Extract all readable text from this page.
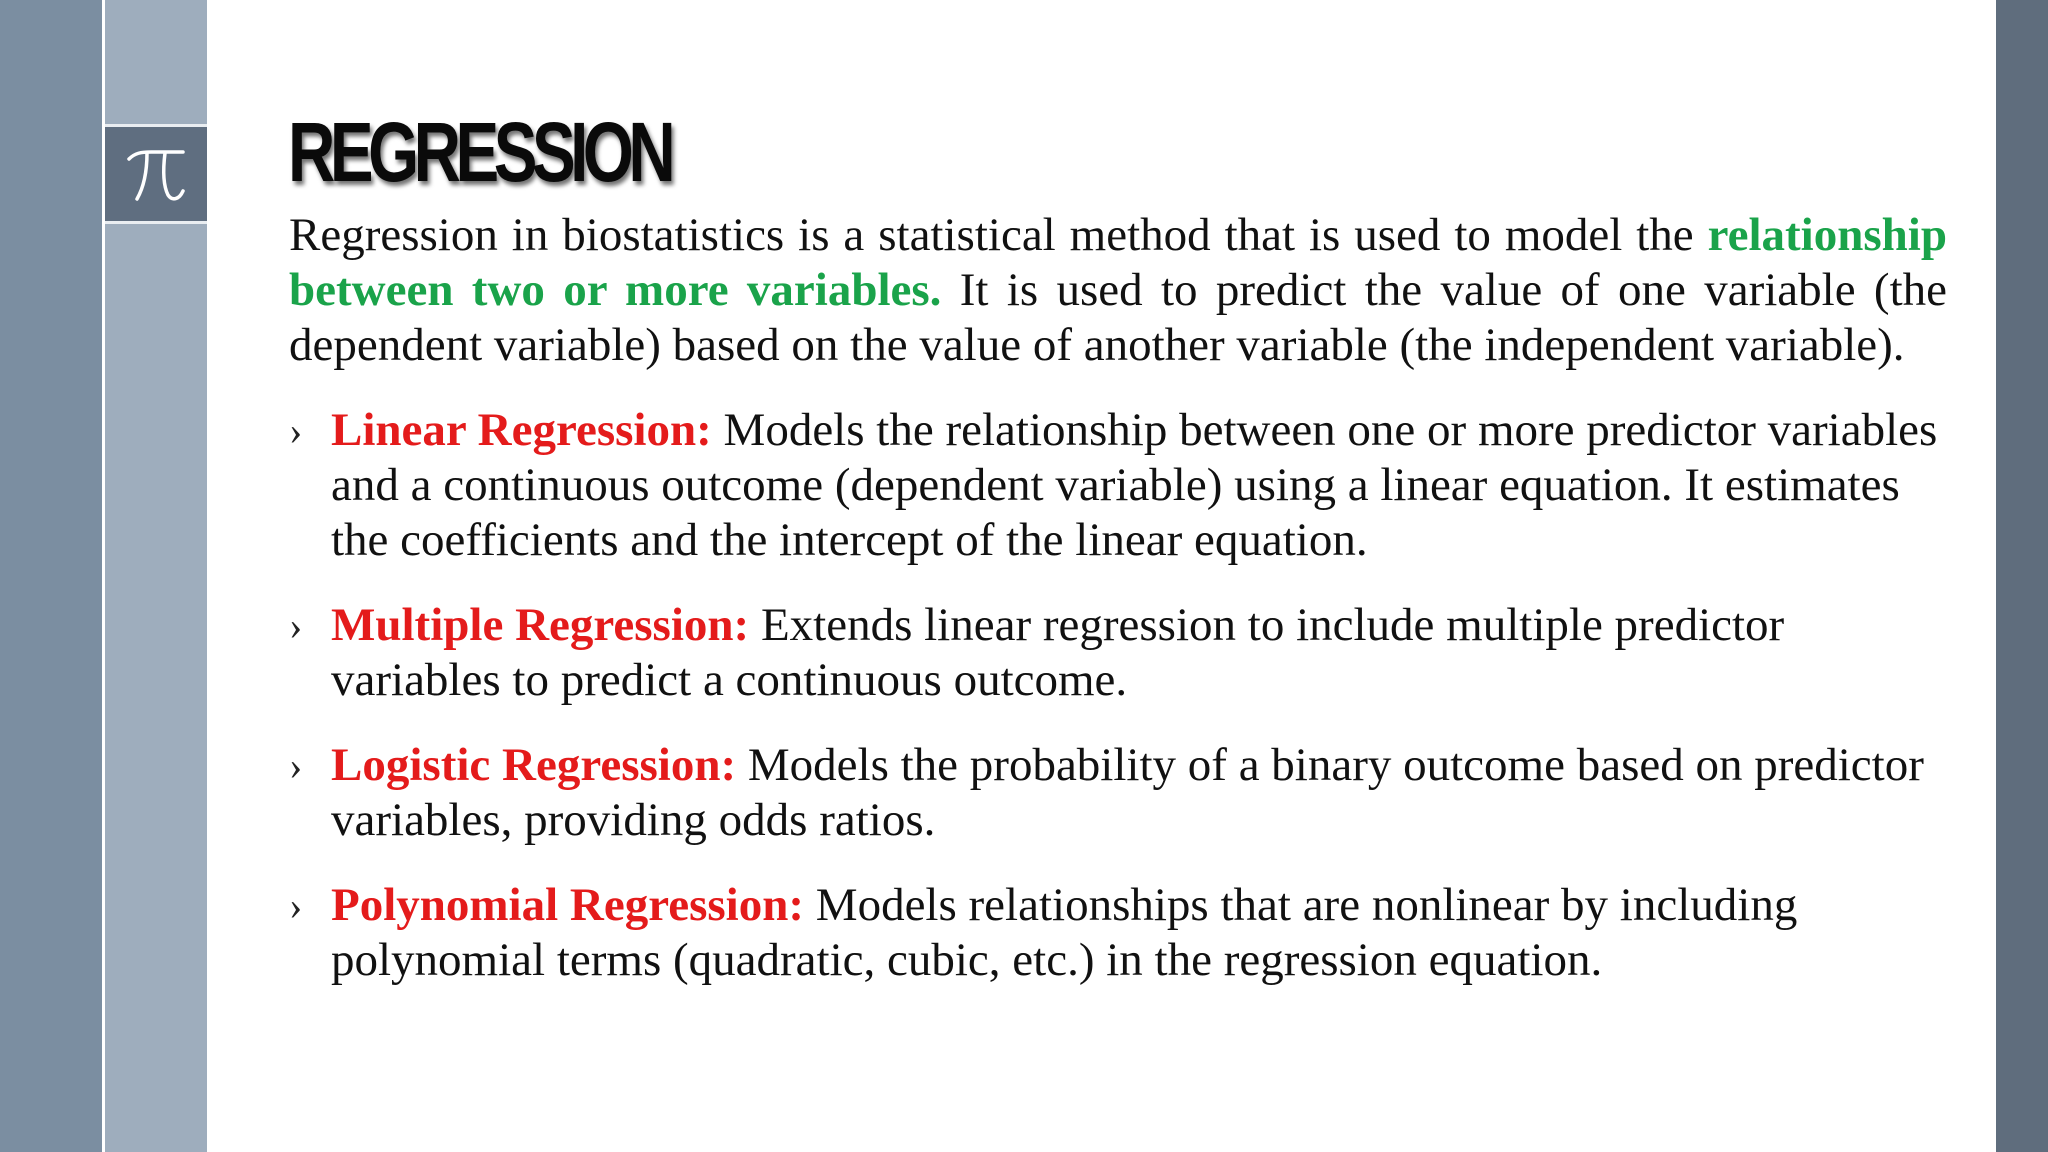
REGRESSION

Regression in biostatistics is a statistical method that is used to model the relationship between two or more variables. It is used to predict the value of one variable (the dependent variable) based on the value of another variable (the independent variable).

› Linear Regression: Models the relationship between one or more predictor variables and a continuous outcome (dependent variable) using a linear equation. It estimates the coefficients and the intercept of the linear equation.
› Multiple Regression: Extends linear regression to include multiple predictor variables to predict a continuous outcome.
› Logistic Regression: Models the probability of a binary outcome based on predictor variables, providing odds ratios.
› Polynomial Regression: Models relationships that are nonlinear by including polynomial terms (quadratic, cubic, etc.) in the regression equation.
